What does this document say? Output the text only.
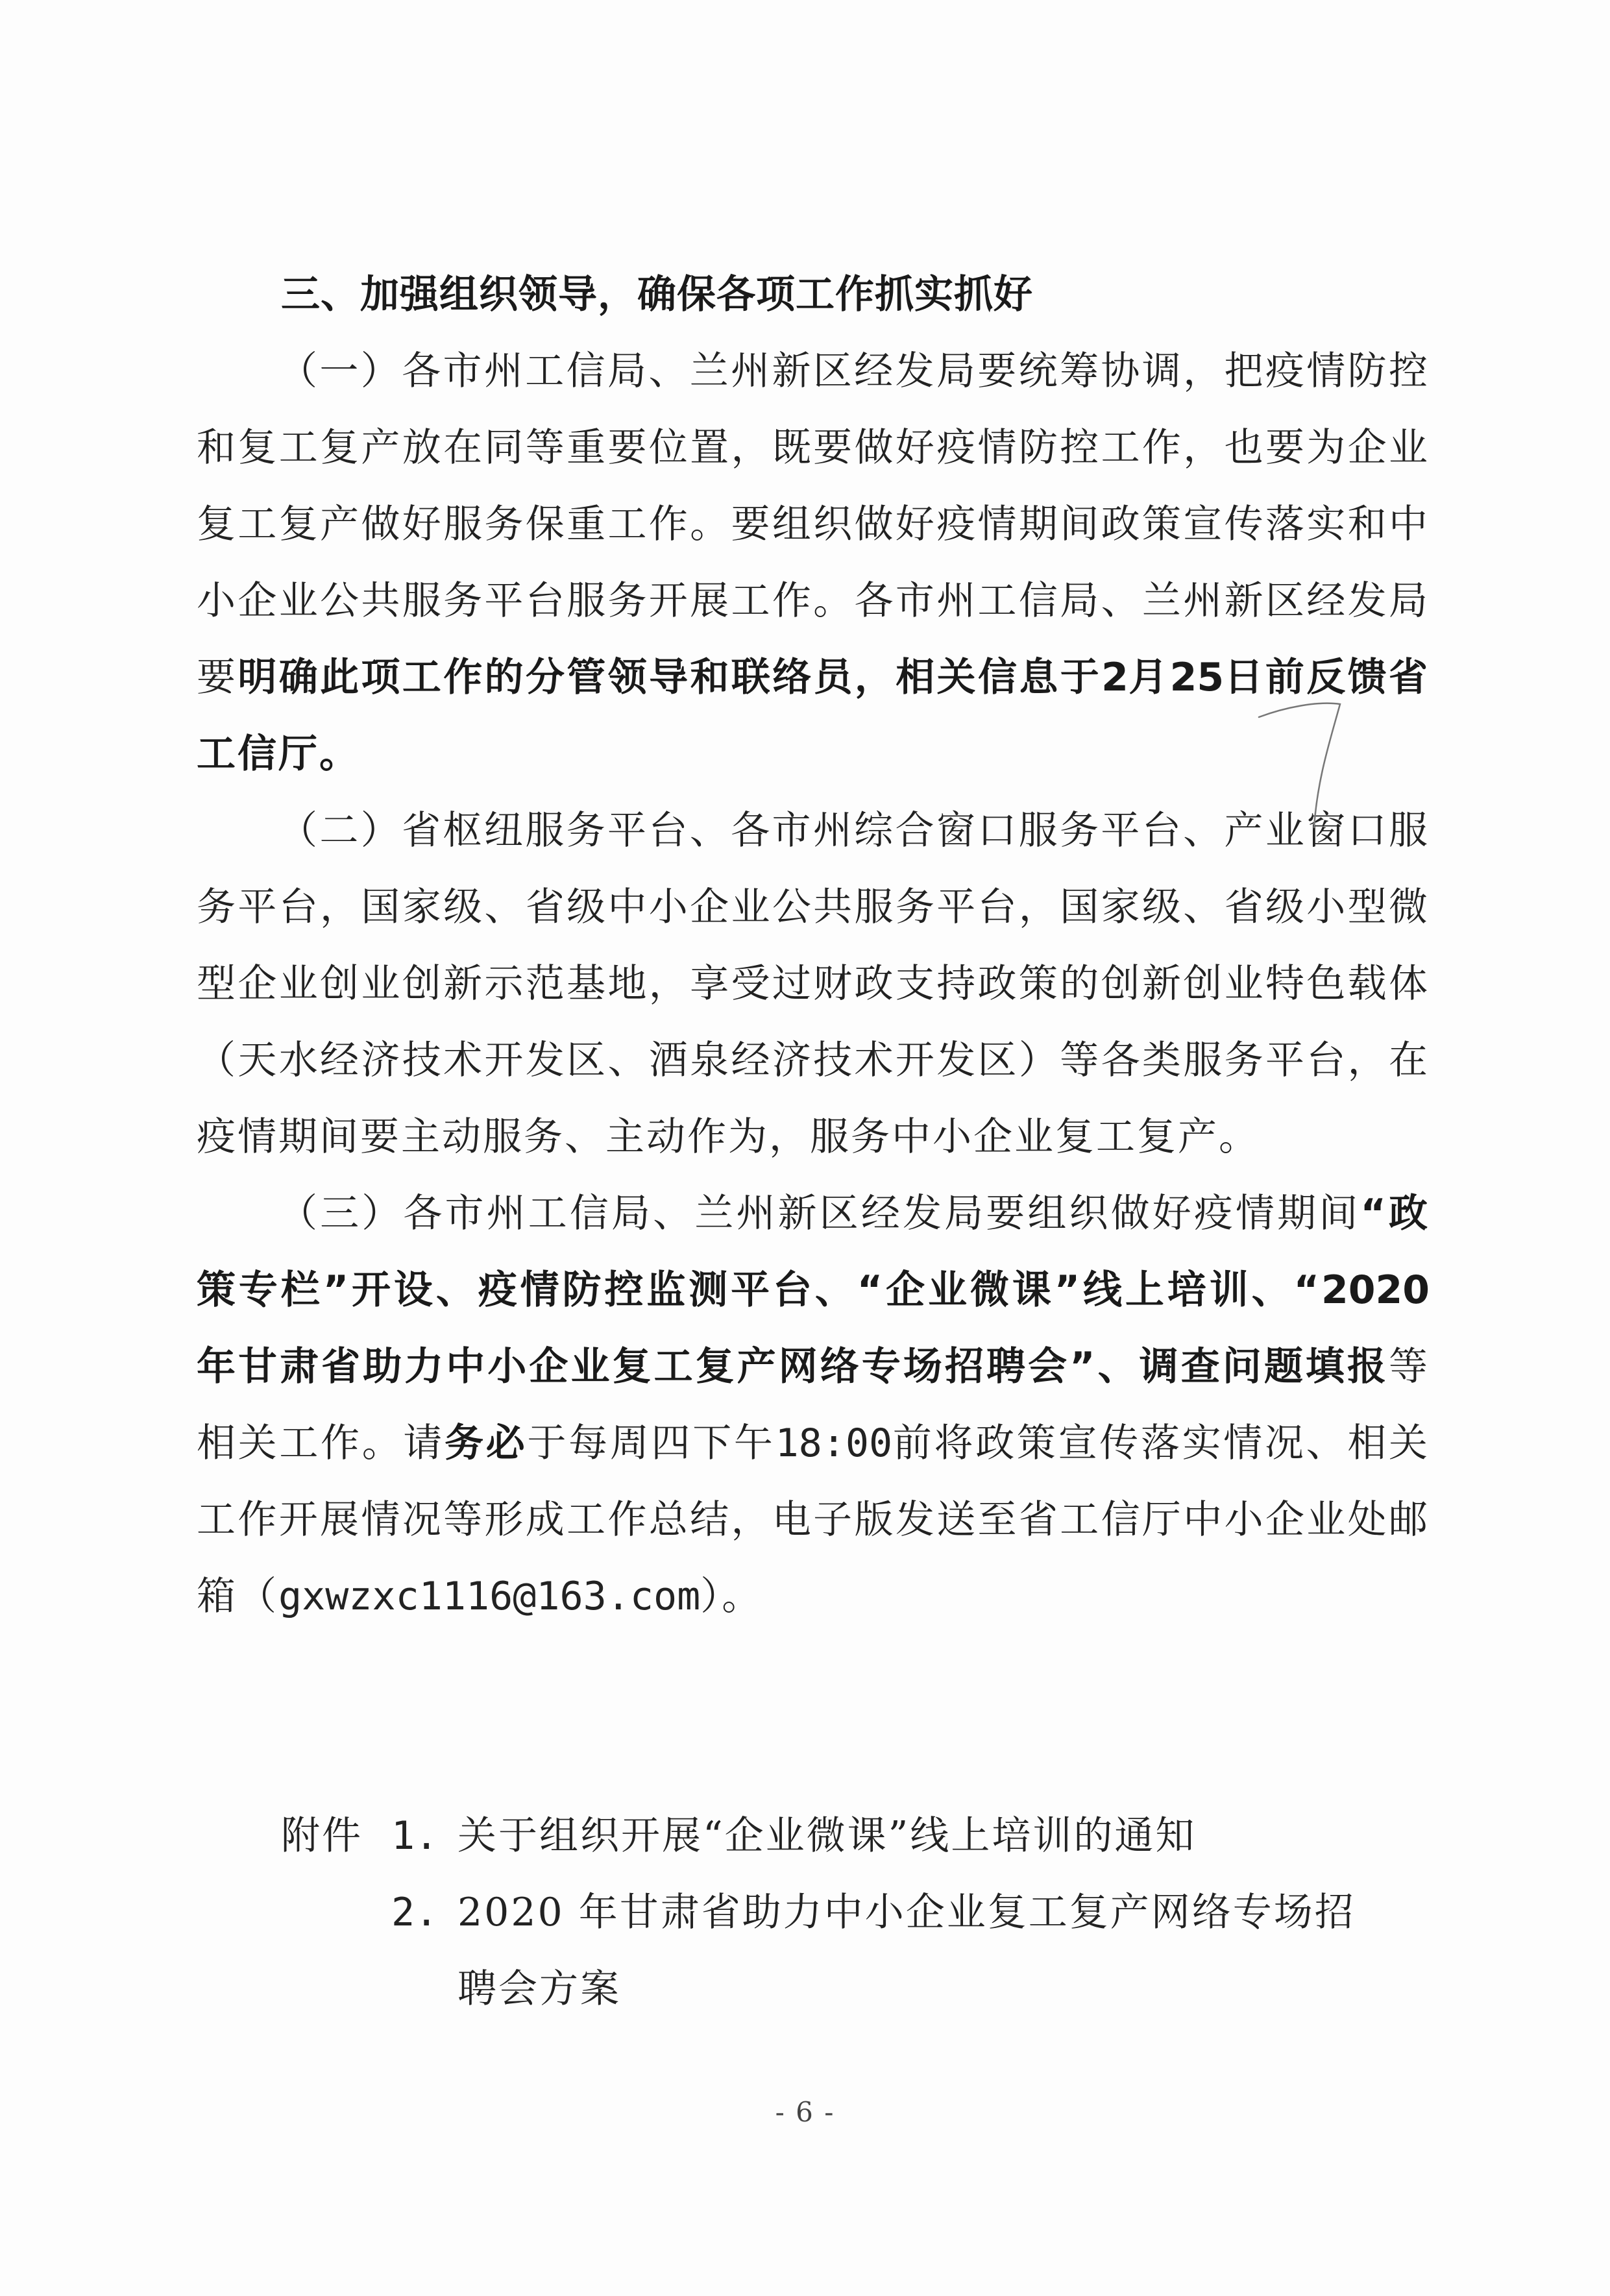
三、加强组织领导，确保各项工作抓实抓好

（一）各市州工信局、兰州新区经发局要统筹协调，把疫情防控和复工复产放在同等重要位置，既要做好疫情防控工作，也要为企业复工复产做好服务保重工作。要组织做好疫情期间政策宣传落实和中小企业公共服务平台服务开展工作。各市州工信局、兰州新区经发局要明确此项工作的分管领导和联络员，相关信息于2月25日前反馈省工信厅。

（二）省枢纽服务平台、各市州综合窗口服务平台、产业窗口服务平台，国家级、省级中小企业公共服务平台，国家级、省级小型微型企业创业创新示范基地，享受过财政支持政策的创新创业特色载体（天水经济技术开发区、酒泉经济技术开发区）等各类服务平台，在疫情期间要主动服务、主动作为，服务中小企业复工复产。

（三）各市州工信局、兰州新区经发局要组织做好疫情期间“政策专栏”开设、疫情防控监测平台、“企业微课”线上培训、“2020年甘肃省助力中小企业复工复产网络专场招聘会”、调查问题填报等相关工作。请务必于每周四下午18:00前将政策宣传落实情况、相关工作开展情况等形成工作总结，电子版发送至省工信厅中小企业处邮箱（gxwzxc1116@163.com）。

附件 1. 关于组织开展“企业微课”线上培训的通知
2. 2020 年甘肃省助力中小企业复工复产网络专场招
聘会方案
- 6 -
